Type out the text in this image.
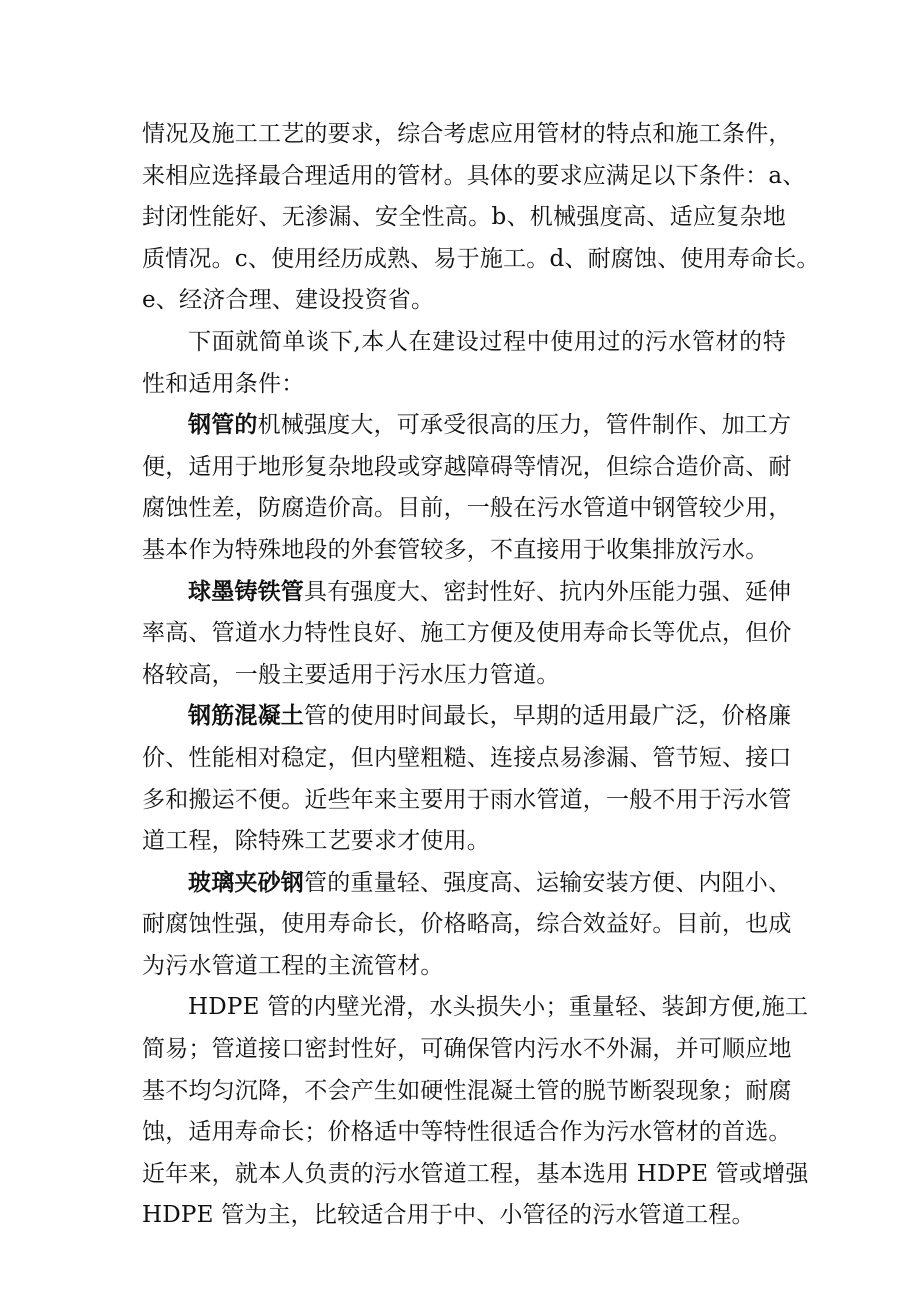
情况及施工工艺的要求，综合考虑应用管材的特点和施工条件，
来相应选择最合理适用的管材。具体的要求应满足以下条件：a、
封闭性能好、无渗漏、安全性高。b、机械强度高、适应复杂地
质情况。c、使用经历成熟、易于施工。d、耐腐蚀、使用寿命长。
e、经济合理、建设投资省。
下面就简单谈下,本人在建设过程中使用过的污水管材的特
性和适用条件：
钢管的机械强度大，可承受很高的压力，管件制作、加工方
便，适用于地形复杂地段或穿越障碍等情况，但综合造价高、耐
腐蚀性差，防腐造价高。目前，一般在污水管道中钢管较少用，
基本作为特殊地段的外套管较多，不直接用于收集排放污水。
球墨铸铁管具有强度大、密封性好、抗内外压能力强、延伸
率高、管道水力特性良好、施工方便及使用寿命长等优点，但价
格较高，一般主要适用于污水压力管道。
钢筋混凝土管的使用时间最长，早期的适用最广泛，价格廉
价、性能相对稳定，但内壁粗糙、连接点易渗漏、管节短、接口
多和搬运不便。近些年来主要用于雨水管道，一般不用于污水管
道工程，除特殊工艺要求才使用。
玻璃夹砂钢管的重量轻、强度高、运输安装方便、内阻小、
耐腐蚀性强，使用寿命长，价格略高，综合效益好。目前，也成
为污水管道工程的主流管材。
HDPE 管的内壁光滑，水头损失小；重量轻、装卸方便,施工
简易；管道接口密封性好，可确保管内污水不外漏，并可顺应地
基不均匀沉降，不会产生如硬性混凝土管的脱节断裂现象；耐腐
蚀，适用寿命长；价格适中等特性很适合作为污水管材的首选。
近年来，就本人负责的污水管道工程，基本选用 HDPE 管或增强
HDPE 管为主，比较适合用于中、小管径的污水管道工程。
